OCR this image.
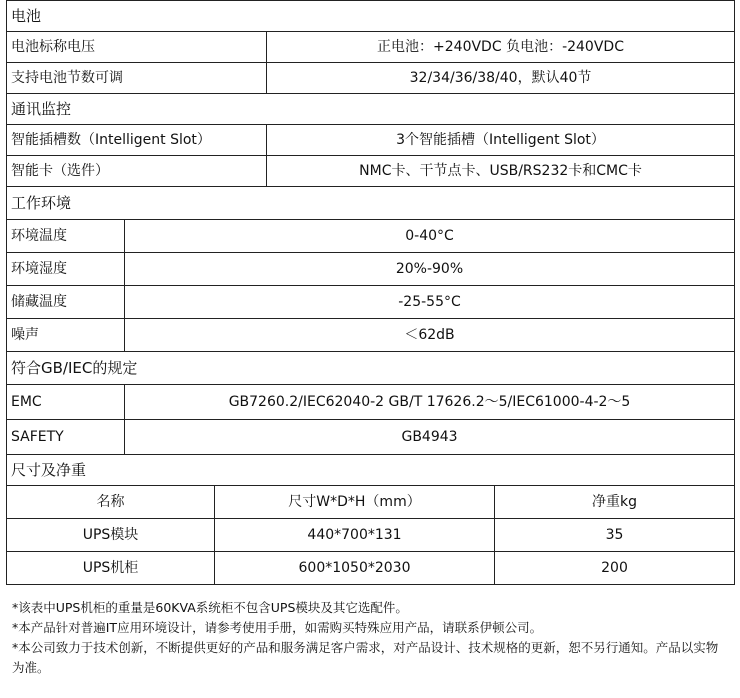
电池				
电池标称电压			正电池：+240VDC 负电池：-240VDC	
支持电池节数可调			32/34/36/38/40，默认40节	
通讯监控				
智能插槽数（Intelligent Slot）			3个智能插槽（Intelligent Slot）	
智能卡（选件）			NMC卡、干节点卡、USB/RS232卡和CMC卡	
工作环境				
环境温度	0-40°C			
环境湿度	20%-90%			
储藏温度	-25-55°C			
噪声	＜62dB			
符合GB/IEC的规定				
EMC	GB7260.2/IEC62040-2 GB/T 17626.2～5/IEC61000-4-2～5			
SAFETY	GB4943			
尺寸及净重				
名称		尺寸W*D*H（mm）		净重kg
UPS模块		440*700*131		35
UPS机柜		600*1050*2030		200

*该表中UPS机柜的重量是60KVA系统柜不包含UPS模块及其它选配件。

*本产品针对普遍IT应用环境设计，请参考使用手册，如需购买特殊应用产品，请联系伊顿公司。

*本公司致力于技术创新，不断提供更好的产品和服务满足客户需求，对产品设计、技术规格的更新，恕不另行通知。产品以实物为准。
